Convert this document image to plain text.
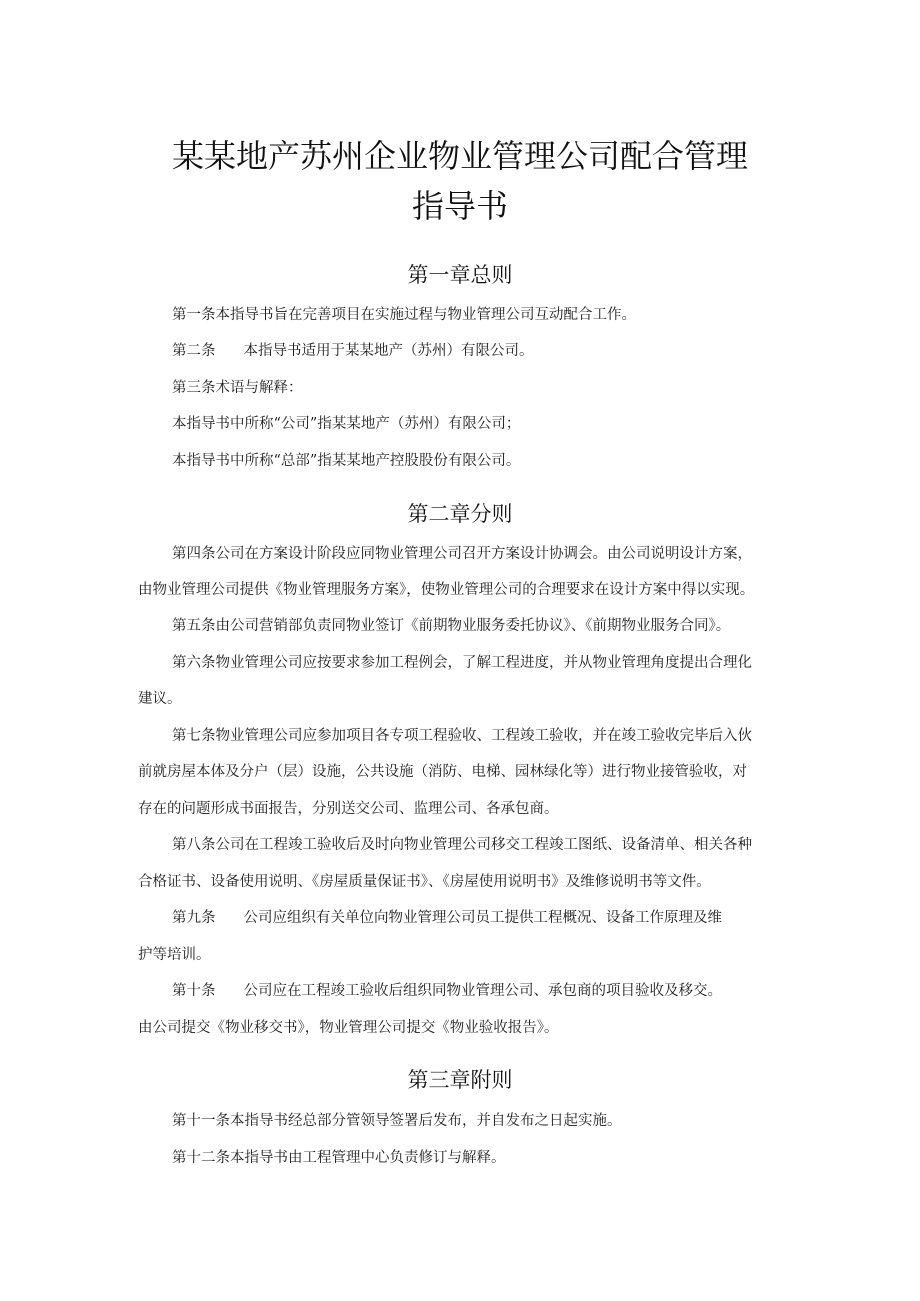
某某地产苏州企业物业管理公司配合管理
指导书
第一章总则
第一条本指导书旨在完善项目在实施过程与物业管理公司互动配合工作。
第二条 本指导书适用于某某地产（苏州）有限公司。
第三条术语与解释：
本指导书中所称“公司”指某某地产（苏州）有限公司；
本指导书中所称“总部”指某某地产控股股份有限公司。
第二章分则
第四条公司在方案设计阶段应同物业管理公司召开方案设计协调会。由公司说明设计方案，
由物业管理公司提供《物业管理服务方案》，使物业管理公司的合理要求在设计方案中得以实现。
第五条由公司营销部负责同物业签订《前期物业服务委托协议》、《前期物业服务合同》。
第六条物业管理公司应按要求参加工程例会，了解工程进度，并从物业管理角度提出合理化
建议。
第七条物业管理公司应参加项目各专项工程验收、工程竣工验收，并在竣工验收完毕后入伙
前就房屋本体及分户（层）设施，公共设施（消防、电梯、园林绿化等）进行物业接管验收，对
存在的问题形成书面报告，分别送交公司、监理公司、各承包商。
第八条公司在工程竣工验收后及时向物业管理公司移交工程竣工图纸、设备清单、相关各种
合格证书、设备使用说明、《房屋质量保证书》、《房屋使用说明书》及维修说明书等文件。
第九条 公司应组织有关单位向物业管理公司员工提供工程概况、设备工作原理及维
护等培训。
第十条 公司应在工程竣工验收后组织同物业管理公司、承包商的项目验收及移交。
由公司提交《物业移交书》，物业管理公司提交《物业验收报告》。
第三章附则
第十一条本指导书经总部分管领导签署后发布，并自发布之日起实施。
第十二条本指导书由工程管理中心负责修订与解释。
